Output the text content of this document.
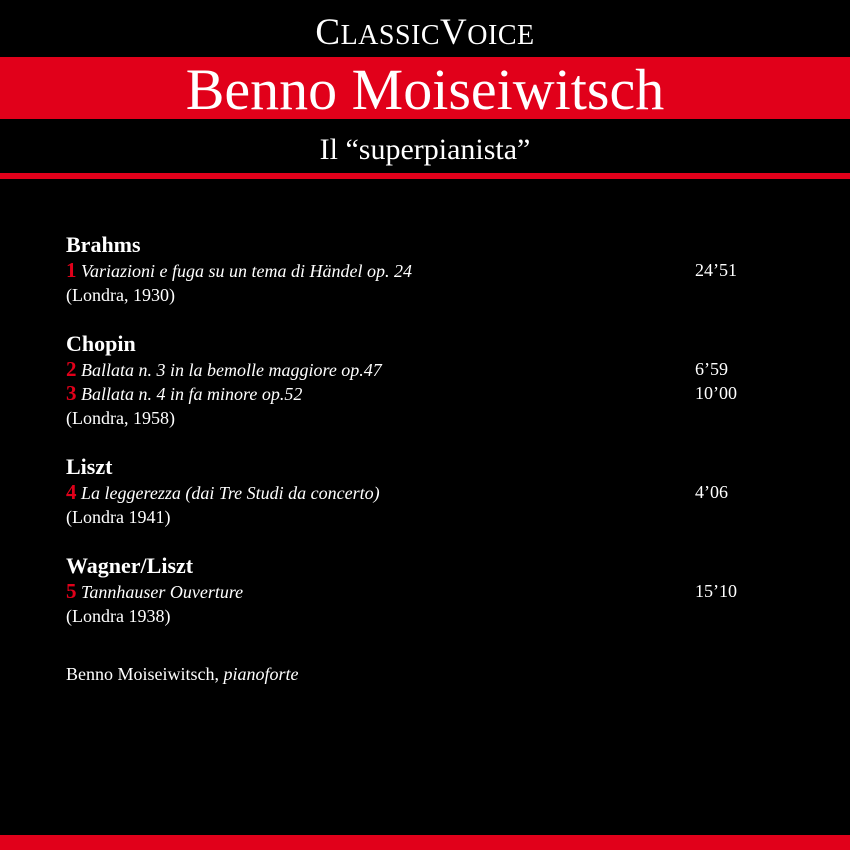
CLASSICVOICE
Benno Moiseiwitsch
Il “superpianista”
Brahms
1 Variazioni e fuga su un tema di Händel op. 24	24’51
(Londra, 1930)
Chopin
2 Ballata n. 3 in la bemolle maggiore op.47	6’59
3 Ballata n. 4 in fa minore op.52	10’00
(Londra, 1958)
Liszt
4 La leggerezza (dai Tre Studi da concerto)	4’06
(Londra 1941)
Wagner/Liszt
5 Tannhauser Ouverture	15’10
(Londra 1938)
Benno Moiseiwitsch, pianoforte
